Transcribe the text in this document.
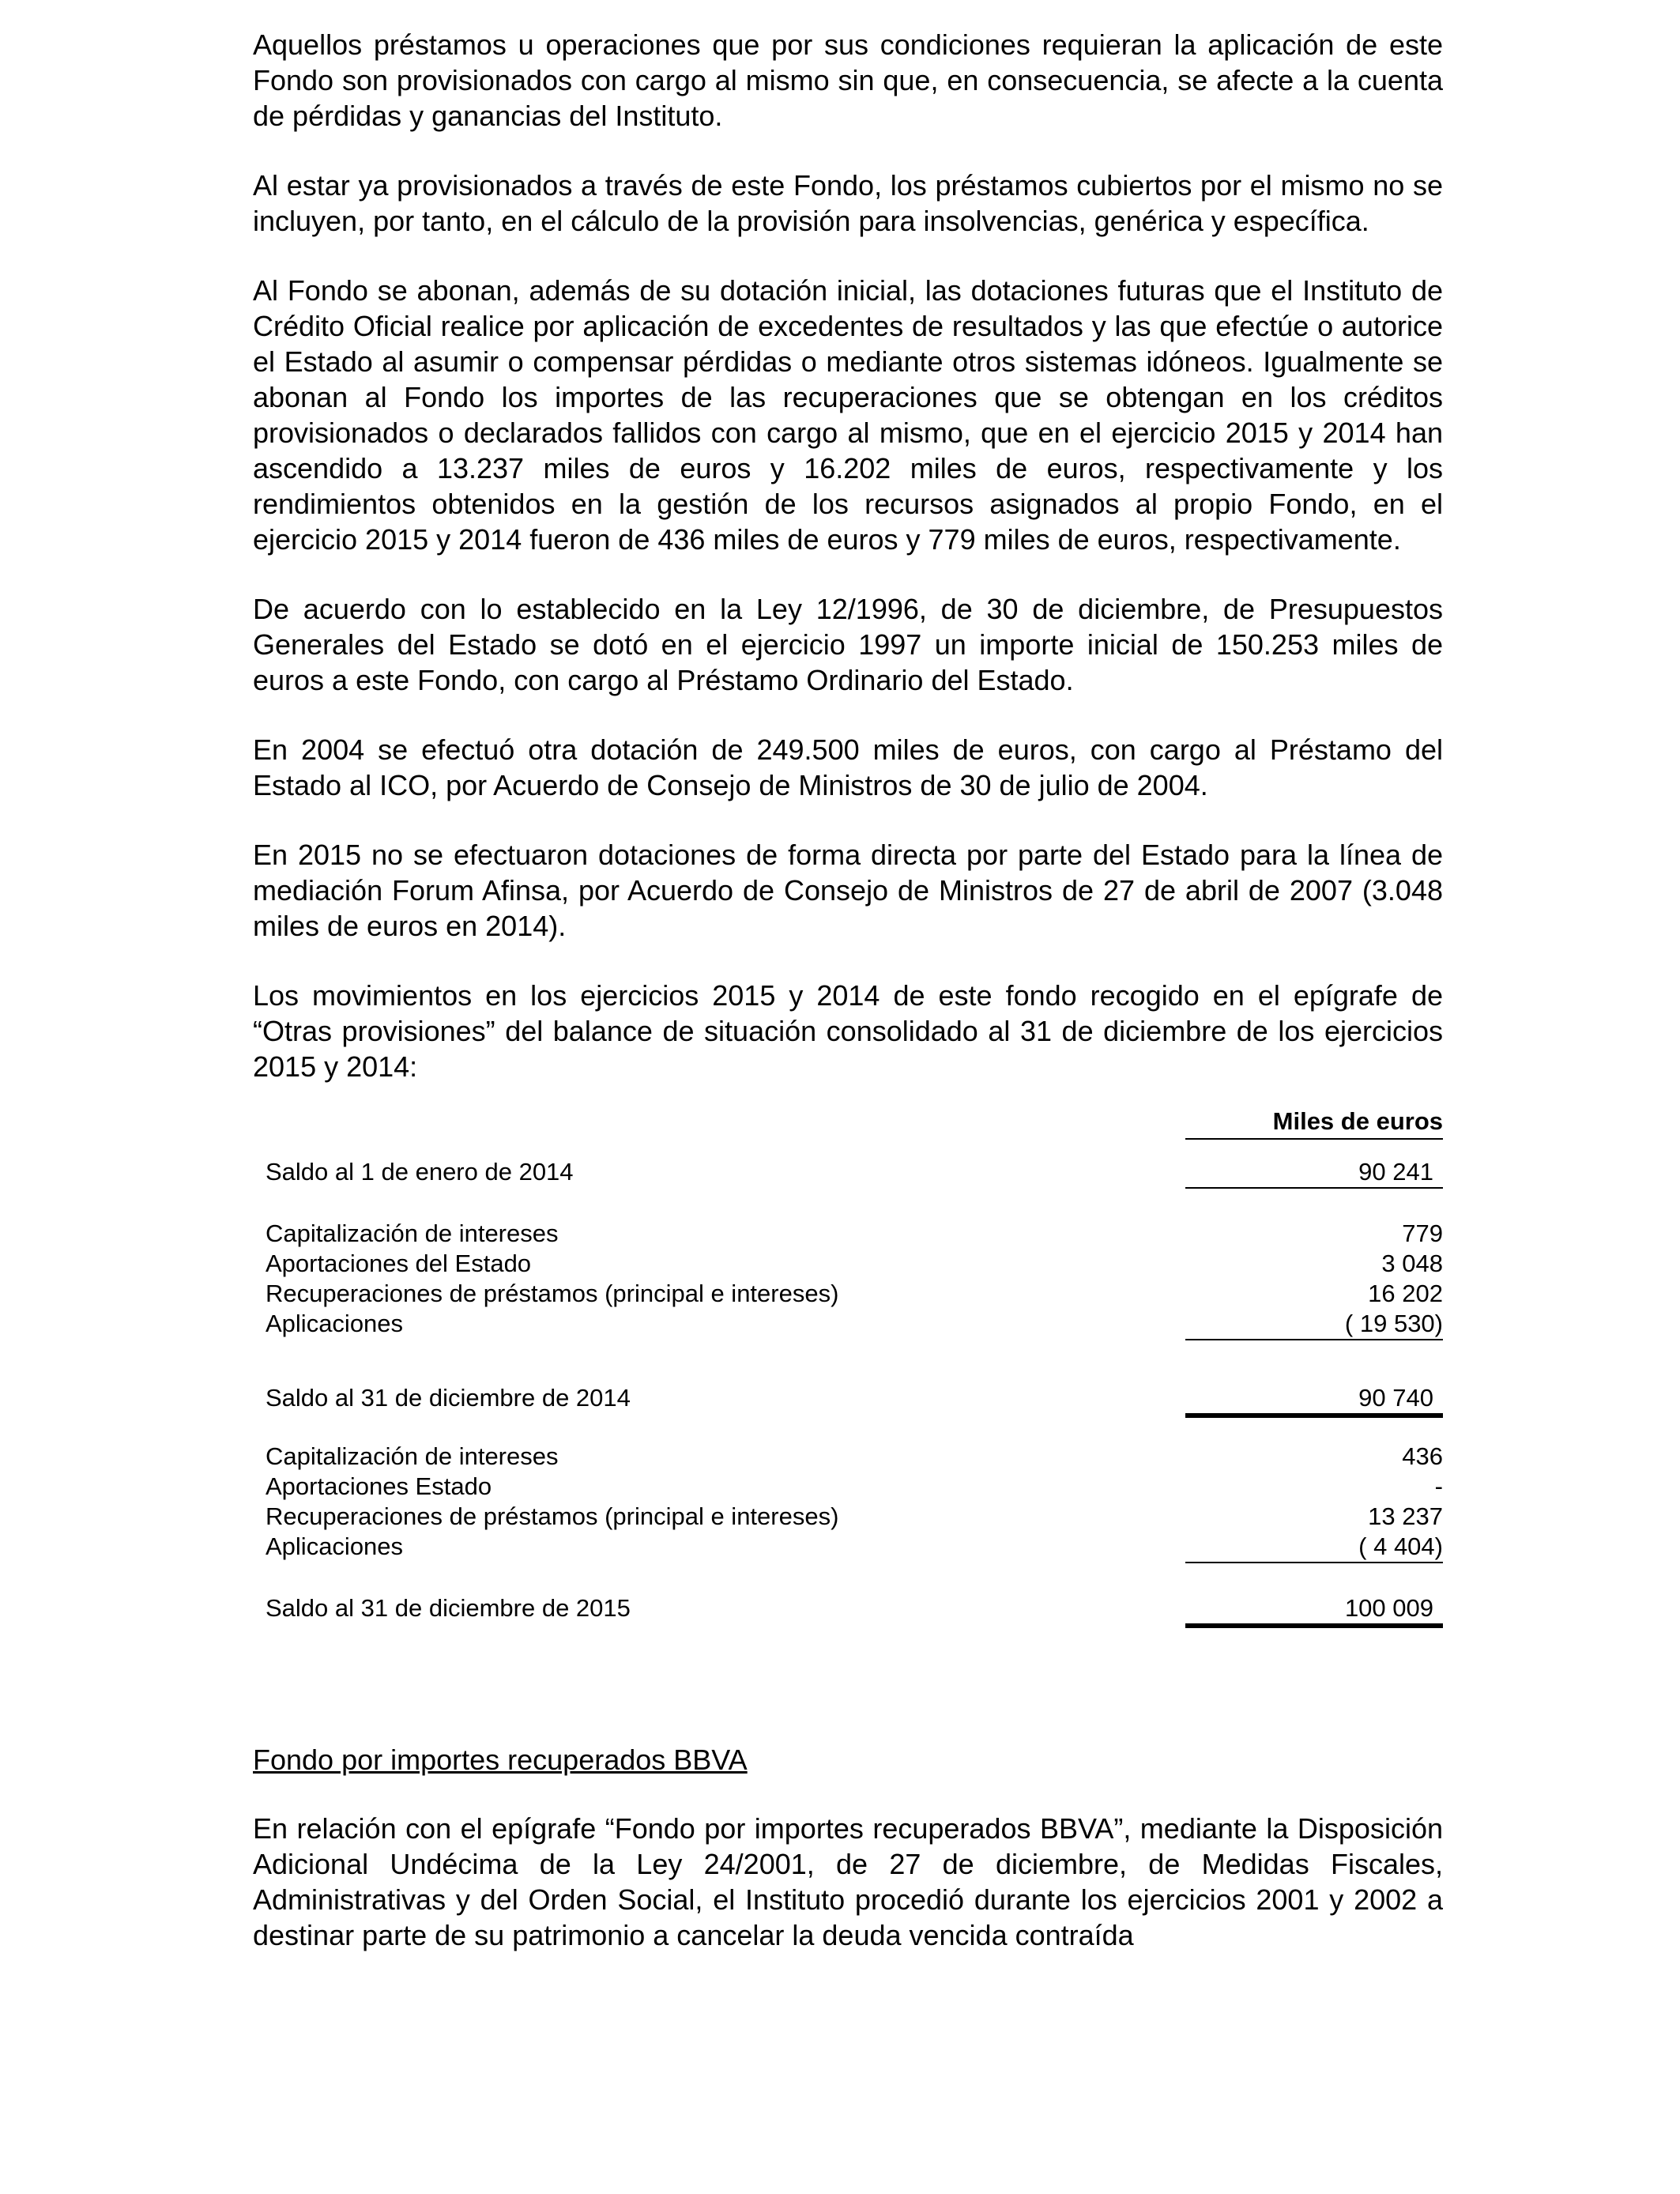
Aquellos préstamos u operaciones que por sus condiciones requieran la aplicación de este Fondo son provisionados con cargo al mismo sin que, en consecuencia, se afecte a la cuenta de pérdidas y ganancias del Instituto.

Al estar ya provisionados a través de este Fondo, los préstamos cubiertos por el mismo no se incluyen, por tanto, en el cálculo de la provisión para insolvencias, genérica y específica.

Al Fondo se abonan, además de su dotación inicial, las dotaciones futuras que el Instituto de Crédito Oficial realice por aplicación de excedentes de resultados y las que efectúe o autorice el Estado al asumir o compensar pérdidas o mediante otros sistemas idóneos. Igualmente se abonan al Fondo los importes de las recuperaciones que se obtengan en los créditos provisionados o declarados fallidos con cargo al mismo, que en el ejercicio 2015 y 2014 han ascendido a 13.237 miles de euros y 16.202 miles de euros, respectivamente y los rendimientos obtenidos en la gestión de los recursos asignados al propio Fondo, en el ejercicio 2015 y 2014 fueron de 436 miles de euros y 779 miles de euros, respectivamente.

De acuerdo con lo establecido en la Ley 12/1996, de 30 de diciembre, de Presupuestos Generales del Estado se dotó en el ejercicio 1997 un importe inicial de 150.253 miles de euros a este Fondo, con cargo al Préstamo Ordinario del Estado.

En 2004 se efectuó otra dotación de 249.500 miles de euros, con cargo al Préstamo del Estado al ICO, por Acuerdo de Consejo de Ministros de 30 de julio de 2004.

En 2015 no se efectuaron dotaciones de forma directa por parte del Estado para la línea de mediación Forum Afinsa, por Acuerdo de Consejo de Ministros de 27 de abril de 2007 (3.048 miles de euros en 2014).

Los movimientos en los ejercicios 2015 y 2014 de este fondo recogido en el epígrafe de “Otras provisiones” del balance de situación consolidado al 31 de diciembre de los ejercicios 2015 y 2014:

Miles de euros
Saldo al 1 de enero de 2014	90 241
Capitalización de intereses	779
Aportaciones del Estado	3 048
Recuperaciones de préstamos (principal e intereses)	16 202
Aplicaciones	( 19 530)
Saldo al 31 de diciembre de 2014	90 740
Capitalización de intereses	436
Aportaciones Estado	-
Recuperaciones de préstamos (principal e intereses)	13 237
Aplicaciones	( 4 404)
Saldo al 31 de diciembre de 2015	100 009
Fondo por importes recuperados BBVA

En relación con el epígrafe “Fondo por importes recuperados BBVA”, mediante la Disposición Adicional Undécima de la Ley 24/2001, de 27 de diciembre, de Medidas Fiscales, Administrativas y del Orden Social, el Instituto procedió durante los ejercicios 2001 y 2002 a destinar parte de su patrimonio a cancelar la deuda vencida contraída
